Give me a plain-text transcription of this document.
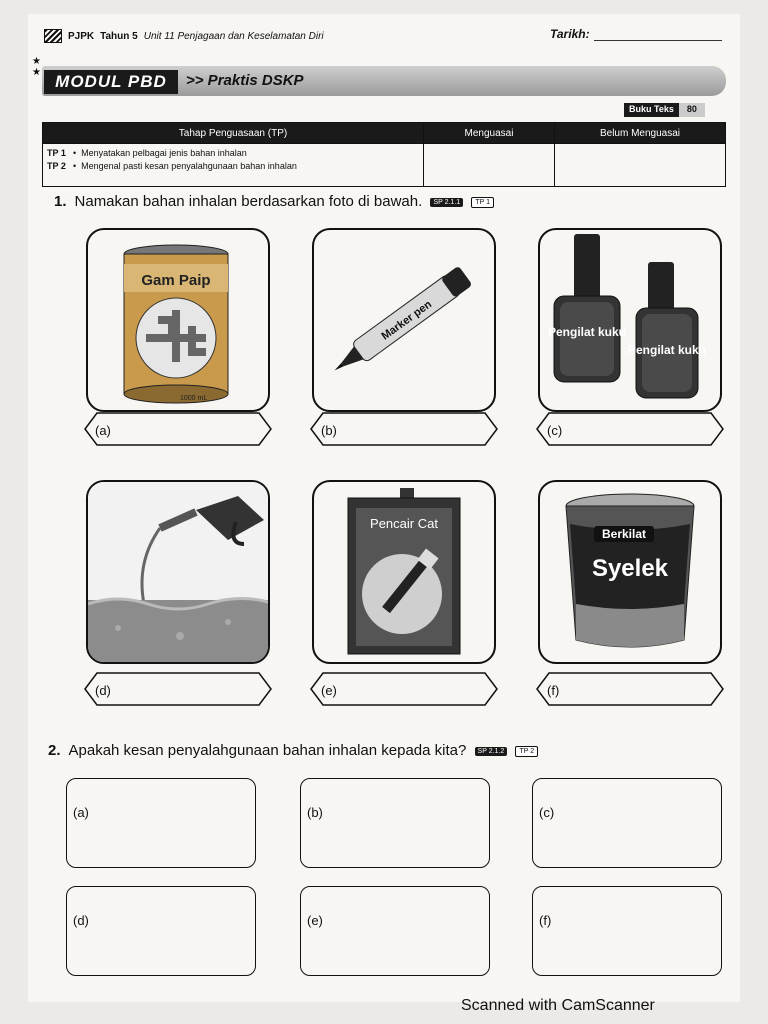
PJPK Tahun 5 Unit 11 Penjagaan dan Keselamatan Diri	Tarikh:
★
★ MODUL PBD	>> Praktis DSKP
Buku Teks	80
Tahap Penguasaan (TP)	Menguasai	Belum Menguasai

TP 1 •  Menyatakan pelbagai jenis bahan inhalan
TP 2 •  Mengenal pasti kesan penyalahgunaan bahan inhalan		

1. Namakan bahan inhalan berdasarkan foto di bawah. SP 2.1.1 TP 1
Gam Paip
1000 mL
(a)
Marker pen
(b)
Pengilat kuku
Pengilat kuku
(c)
(d)
Pencair Cat
(e)
Berkilat
Syelek
(f)
2. Apakah kesan penyalahgunaan bahan inhalan kepada kita? SP 2.1.2 TP 2
(a)	(b)	(c)
(d)	(e)	(f)
Scanned with CamScanner
